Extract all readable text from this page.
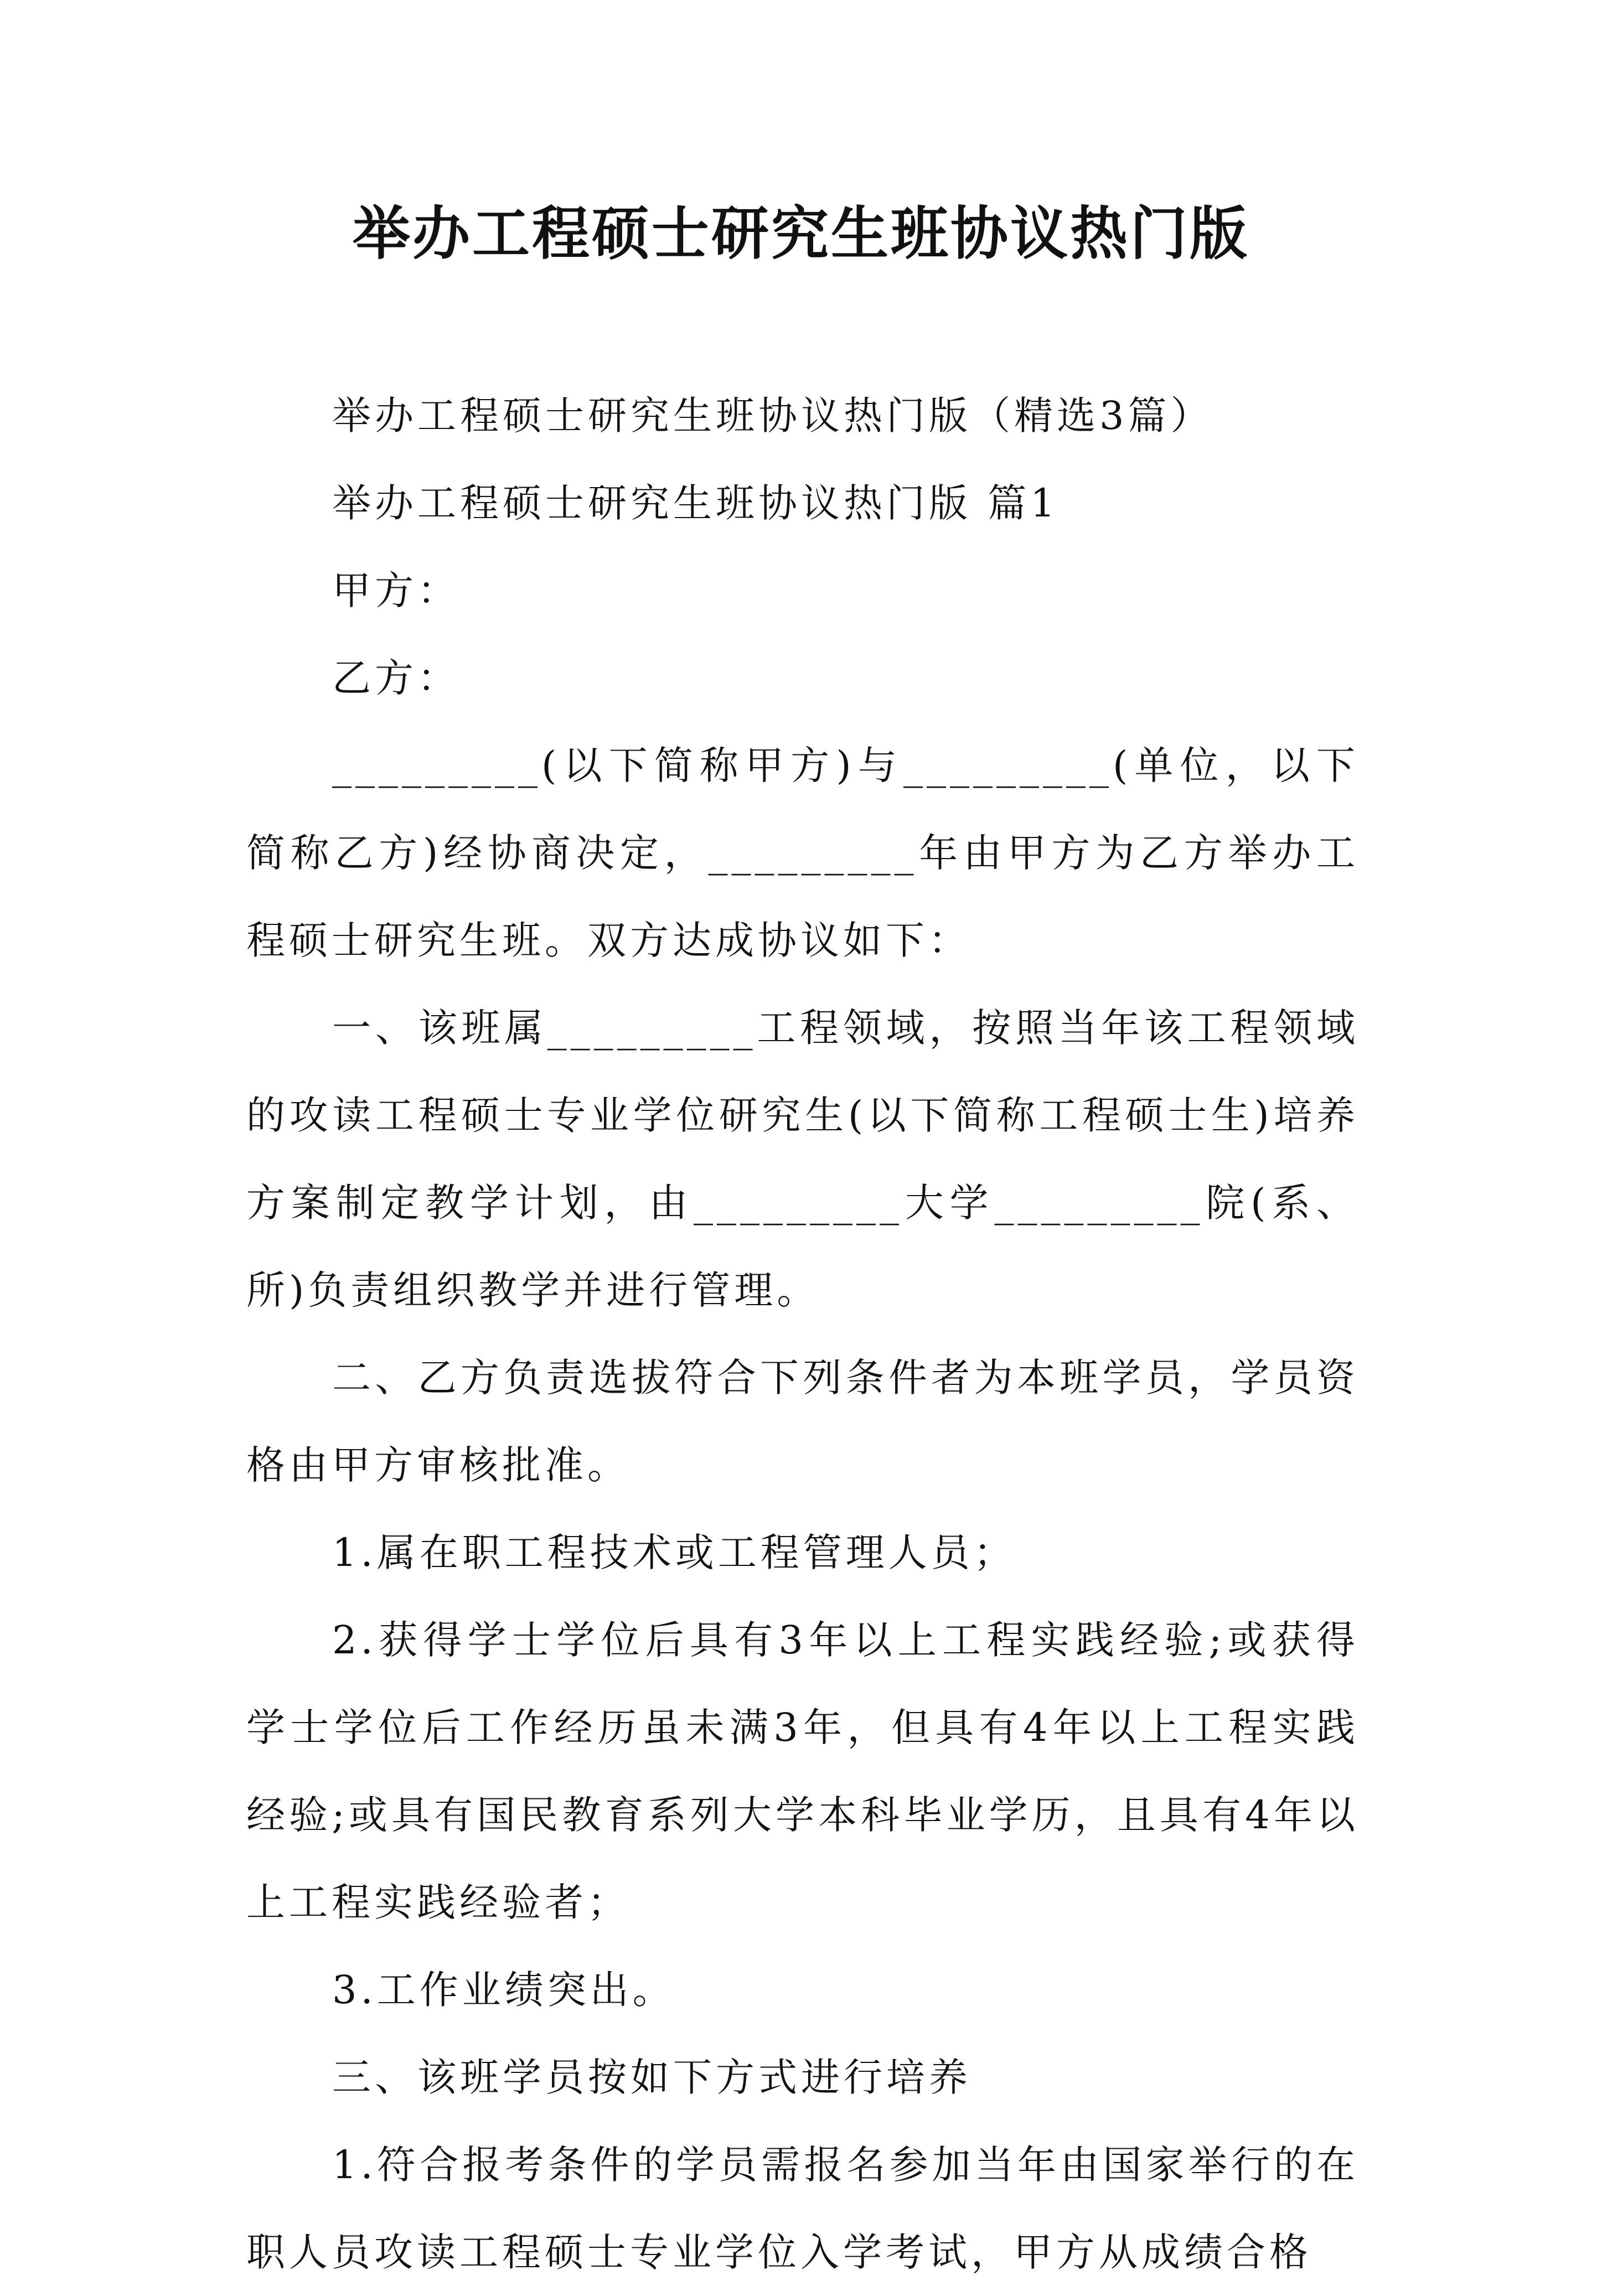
举办工程硕士研究生班协议热门版

举办工程硕士研究生班协议热门版（精选3篇）

举办工程硕士研究生班协议热门版 篇1

甲方：

乙方：

_________(以下简称甲方)与_________(单位，以下简称乙方)经协商决定，_________年由甲方为乙方举办工程硕士研究生班。双方达成协议如下：

一、该班属_________工程领域，按照当年该工程领域的攻读工程硕士专业学位研究生(以下简称工程硕士生)培养方案制定教学计划，由_________大学_________院(系、所)负责组织教学并进行管理。

二、乙方负责选拔符合下列条件者为本班学员，学员资格由甲方审核批准。

1.属在职工程技术或工程管理人员；

2.获得学士学位后具有3年以上工程实践经验;或获得学士学位后工作经历虽未满3年，但具有4年以上工程实践经验;或具有国民教育系列大学本科毕业学历，且具有4年以上工程实践经验者；

3.工作业绩突出。

三、该班学员按如下方式进行培养

1.符合报考条件的学员需报名参加当年由国家举行的在职人员攻读工程硕士专业学位入学考试，甲方从成绩合格
